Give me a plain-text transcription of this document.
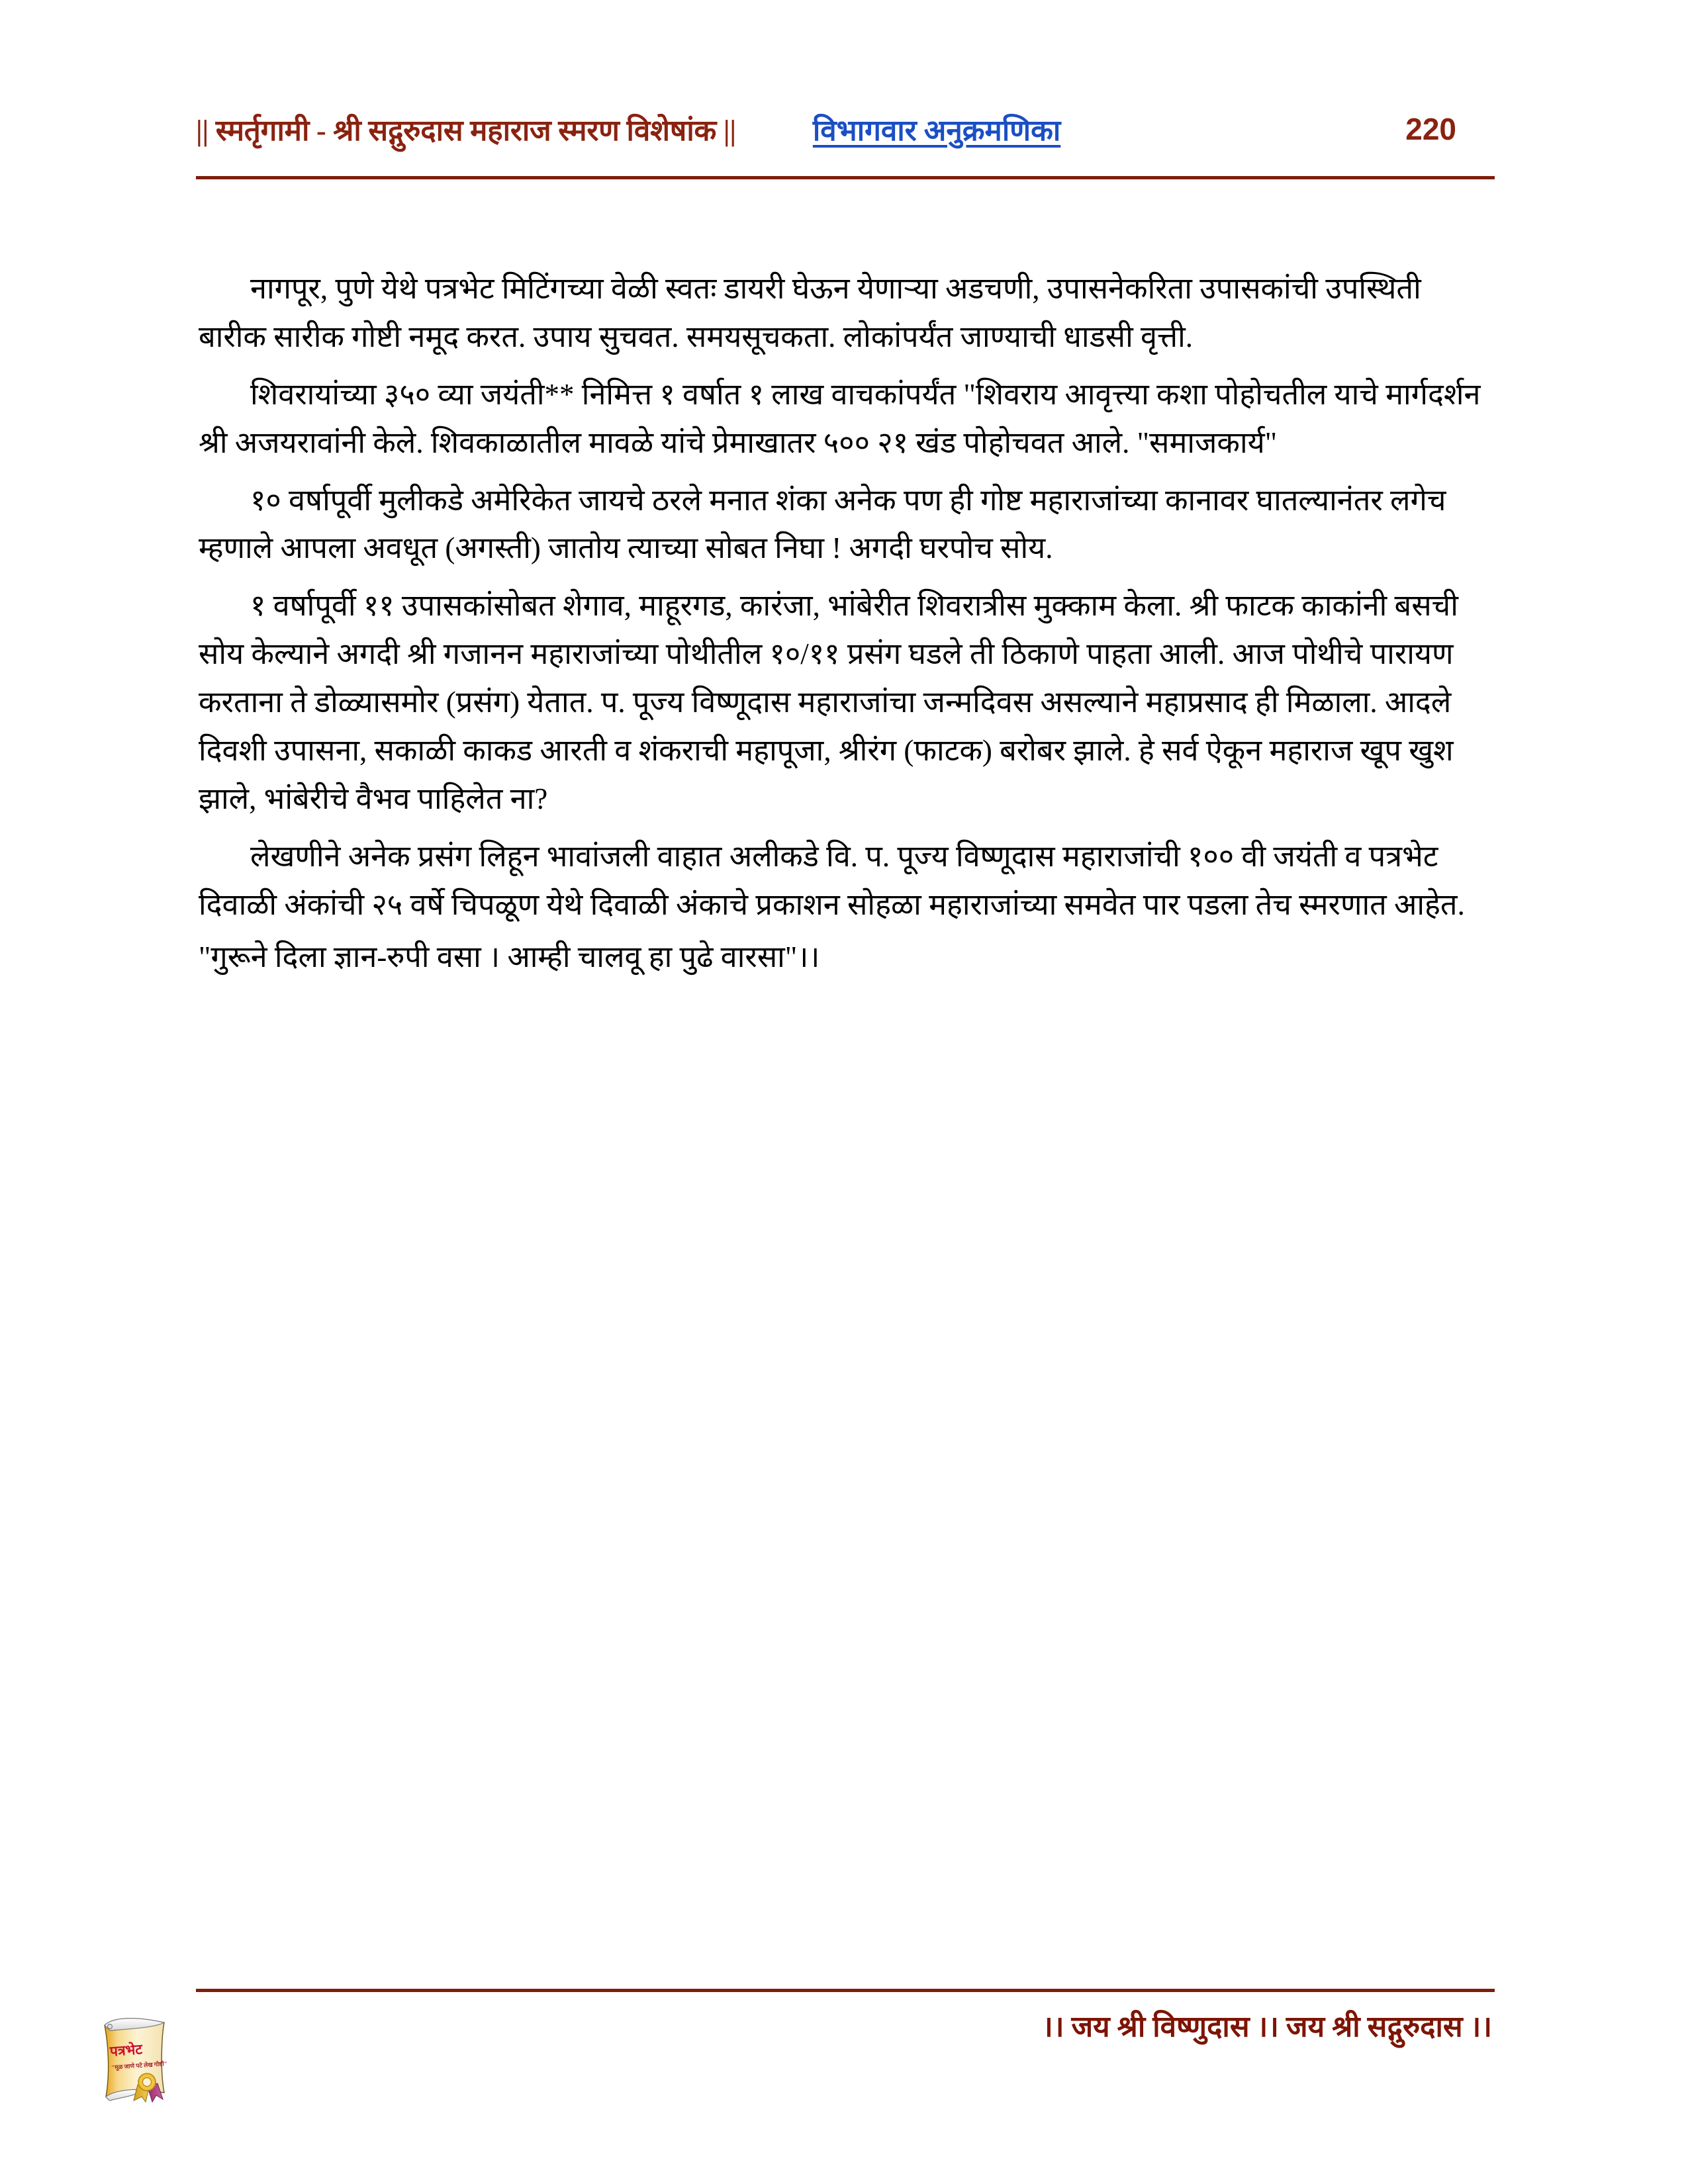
|| स्मर्तृगामी - श्री सद्गुरुदास महाराज स्मरण विशेषांक ||	विभागवार अनुक्रमणिका	220

नागपूर, पुणे येथे पत्रभेट मिटिंगच्या वेळी स्वतः डायरी घेऊन येणाऱ्या अडचणी, उपासनेकरिता उपासकांची उपस्थिती बारीक सारीक गोष्टी नमूद करत. उपाय सुचवत. समयसूचकता. लोकांपर्यंत जाण्याची धाडसी वृत्ती.

शिवरायांच्या ३५० व्या जयंती** निमित्त १ वर्षात १ लाख वाचकांपर्यंत "शिवराय आवृत्त्या कशा पोहोचतील याचे मार्गदर्शन श्री अजयरावांनी केले. शिवकाळातील मावळे यांचे प्रेमाखातर ५०० २१ खंड पोहोचवत आले. "समाजकार्य"

१० वर्षापूर्वी मुलीकडे अमेरिकेत जायचे ठरले मनात शंका अनेक पण ही गोष्ट महाराजांच्या कानावर घातल्यानंतर लगेच म्हणाले आपला अवधूत (अगस्ती) जातोय त्याच्या सोबत निघा ! अगदी घरपोच सोय.

१ वर्षापूर्वी ११ उपासकांसोबत शेगाव, माहूरगड, कारंजा, भांबेरीत शिवरात्रीस मुक्काम केला. श्री फाटक काकांनी बसची सोय केल्याने अगदी श्री गजानन महाराजांच्या पोथीतील १०/११ प्रसंग घडले ती ठिकाणे पाहता आली. आज पोथीचे पारायण करताना ते डोळ्यासमोर (प्रसंग) येतात. प. पूज्य विष्णूदास महाराजांचा जन्मदिवस असल्याने महाप्रसाद ही मिळाला. आदले दिवशी उपासना, सकाळी काकड आरती व शंकराची महापूजा, श्रीरंग (फाटक) बरोबर झाले. हे सर्व ऐकून महाराज खूप खुश झाले, भांबेरीचे वैभव पाहिलेत ना?

लेखणीने अनेक प्रसंग लिहून भावांजली वाहात अलीकडे वि. प. पूज्य विष्णूदास महाराजांची १०० वी जयंती व पत्रभेट दिवाळी अंकांची २५ वर्षे चिपळूण येथे दिवाळी अंकाचे प्रकाशन सोहळा महाराजांच्या समवेत पार पडला तेच स्मरणात आहेत.

"गुरूने दिला ज्ञान-रुपी वसा । आम्ही चालवू हा पुढे वारसा"।।

।। जय श्री विष्णुदास ।। जय श्री सद्गुरुदास ।।
पत्रभेट
"मूळ जाणे पटे लेख गोष्टी"
